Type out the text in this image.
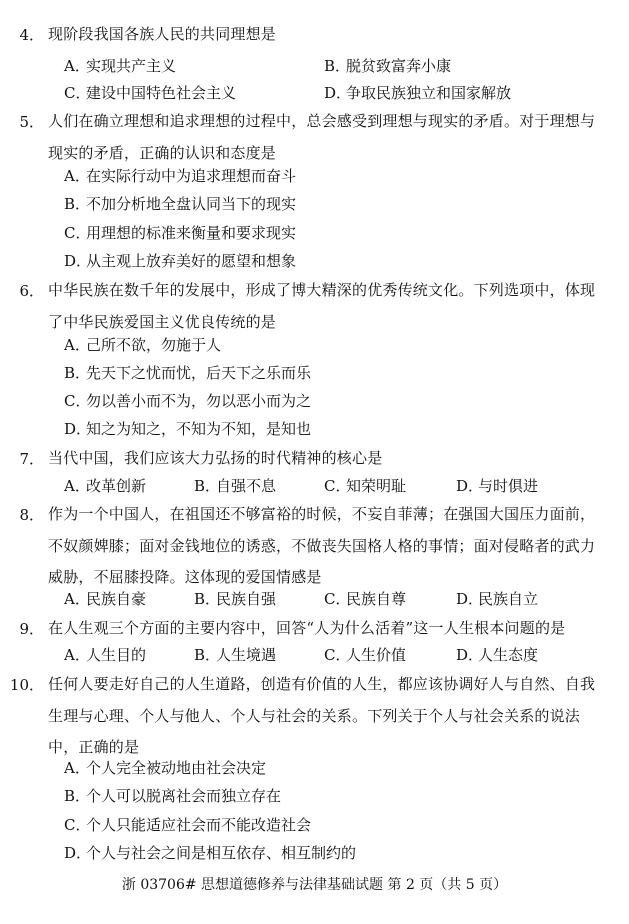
4． 现阶段我国各族人民的共同理想是
A．实现共产主义	B．脱贫致富奔小康
C．建设中国特色社会主义	D．争取民族独立和国家解放
5． 人们在确立理想和追求理想的过程中，总会感受到理想与现实的矛盾。对于理想与现实的矛盾，正确的认识和态度是
A．在实际行动中为追求理想而奋斗
B．不加分析地全盘认同当下的现实
C．用理想的标准来衡量和要求现实
D．从主观上放弃美好的愿望和想象
6． 中华民族在数千年的发展中，形成了博大精深的优秀传统文化。下列选项中，体现了中华民族爱国主义优良传统的是
A．己所不欲，勿施于人
B．先天下之忧而忧，后天下之乐而乐
C．勿以善小而不为，勿以恶小而为之
D．知之为知之，不知为不知，是知也
7． 当代中国，我们应该大力弘扬的时代精神的核心是
A．改革创新	B．自强不息	C．知荣明耻	D．与时俱进
8． 作为一个中国人，在祖国还不够富裕的时候，不妄自菲薄；在强国大国压力面前，不奴颜婢膝；面对金钱地位的诱惑，不做丧失国格人格的事情；面对侵略者的武力威胁，不屈膝投降。这体现的爱国情感是
A．民族自豪	B．民族自强	C．民族自尊	D．民族自立
9． 在人生观三个方面的主要内容中，回答“人为什么活着”这一人生根本问题的是
A．人生目的	B．人生境遇	C．人生价值	D．人生态度
10． 任何人要走好自己的人生道路，创造有价值的人生，都应该协调好人与自然、自我生理与心理、个人与他人、个人与社会的关系。下列关于个人与社会关系的说法中，正确的是
A．个人完全被动地由社会决定
B．个人可以脱离社会而独立存在
C．个人只能适应社会而不能改造社会
D．个人与社会之间是相互依存、相互制约的
浙 03706# 思想道德修养与法律基础试题 第 2 页（共 5 页）
